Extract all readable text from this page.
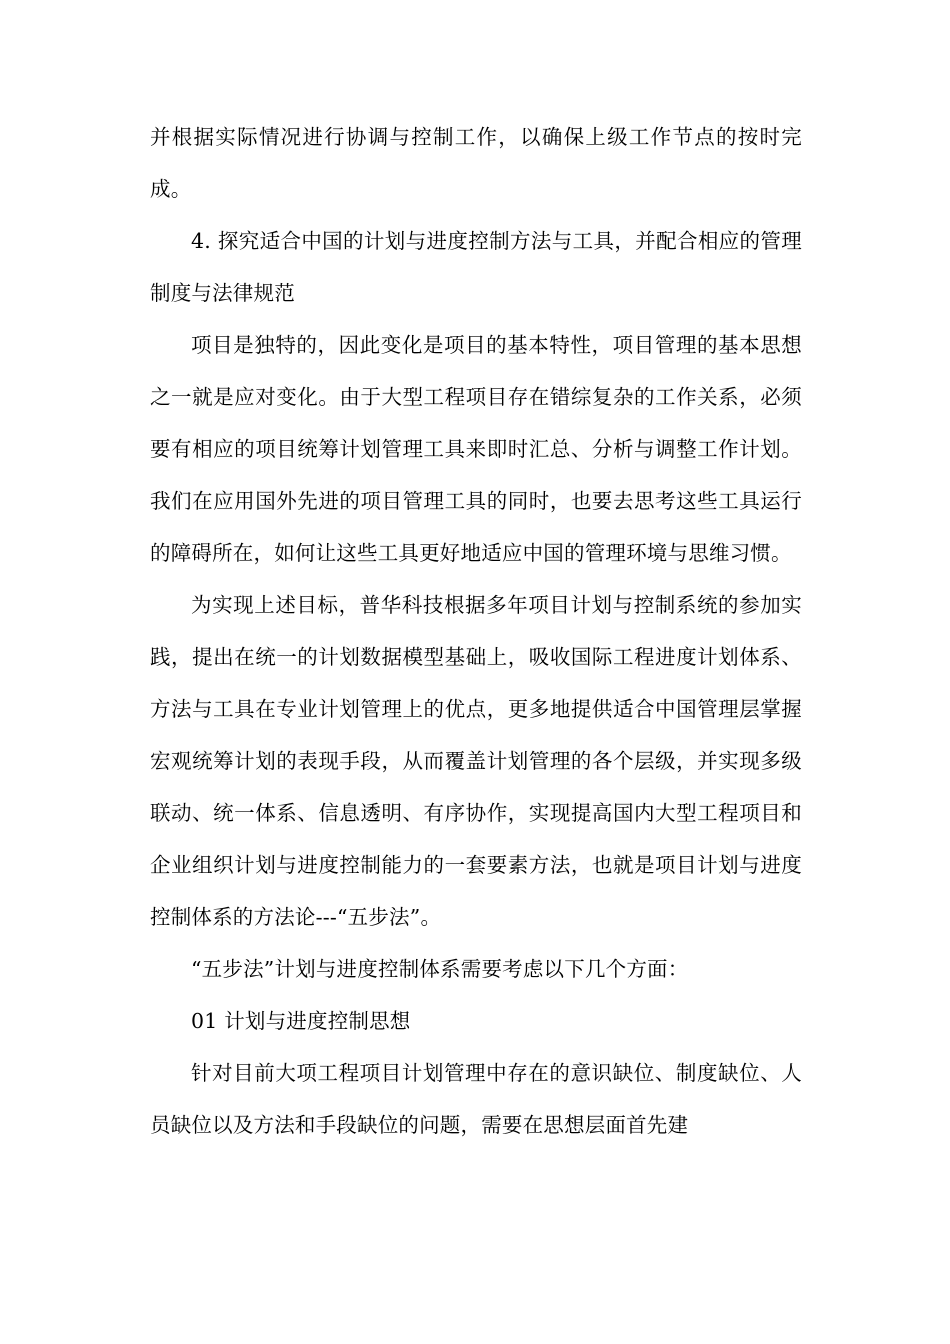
并根据实际情况进行协调与控制工作，以确保上级工作节点的按时完成。

4. 探究适合中国的计划与进度控制方法与工具，并配合相应的管理制度与法律规范

项目是独特的，因此变化是项目的基本特性，项目管理的基本思想之一就是应对变化。由于大型工程项目存在错综复杂的工作关系，必须要有相应的项目统筹计划管理工具来即时汇总、分析与调整工作计划。我们在应用国外先进的项目管理工具的同时，也要去思考这些工具运行的障碍所在，如何让这些工具更好地适应中国的管理环境与思维习惯。

为实现上述目标，普华科技根据多年项目计划与控制系统的参加实践，提出在统一的计划数据模型基础上，吸收国际工程进度计划体系、方法与工具在专业计划管理上的优点，更多地提供适合中国管理层掌握宏观统筹计划的表现手段，从而覆盖计划管理的各个层级，并实现多级联动、统一体系、信息透明、有序协作，实现提高国内大型工程项目和企业组织计划与进度控制能力的一套要素方法，也就是项目计划与进度控制体系的方法论---“五步法”。

“五步法”计划与进度控制体系需要考虑以下几个方面：

01 计划与进度控制思想

针对目前大项工程项目计划管理中存在的意识缺位、制度缺位、人员缺位以及方法和手段缺位的问题，需要在思想层面首先建
